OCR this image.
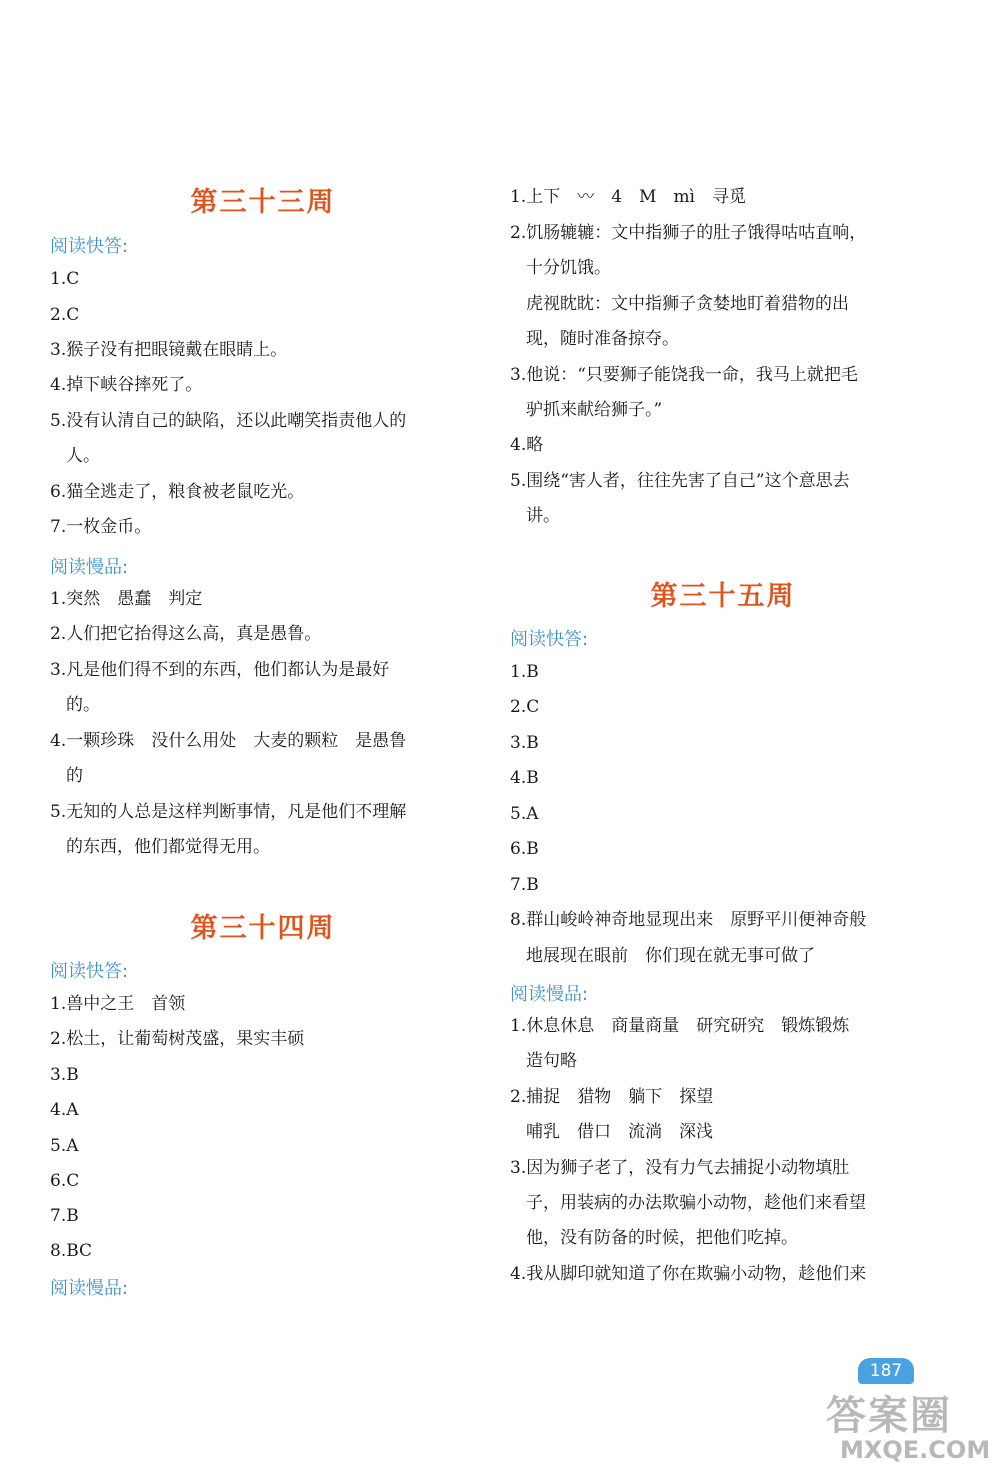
第三十三周
阅读快答:
1.C
2.C
3.猴子没有把眼镜戴在眼睛上。
4.掉下峡谷摔死了。
5.没有认清自己的缺陷，还以此嘲笑指责他人的
人。
6.猫全逃走了，粮食被老鼠吃光。
7.一枚金币。
阅读慢品:
1.突然　愚蠢　判定
2.人们把它抬得这么高，真是愚鲁。
3.凡是他们得不到的东西，他们都认为是最好
的。
4.一颗珍珠　没什么用处　大麦的颗粒　是愚鲁
的
5.无知的人总是这样判断事情，凡是他们不理解
的东西，他们都觉得无用。
第三十四周
阅读快答:
1.兽中之王　首领
2.松土，让葡萄树茂盛，果实丰硕
3.B
4.A
5.A
6.C
7.B
8.BC
阅读慢品:
1.上下　〰　4　M　mì　寻觅
2.饥肠辘辘：文中指狮子的肚子饿得咕咕直响，
十分饥饿。
虎视眈眈：文中指狮子贪婪地盯着猎物的出
现，随时准备掠夺。
3.他说：“只要狮子能饶我一命，我马上就把毛
驴抓来献给狮子。”
4.略
5.围绕“害人者，往往先害了自己”这个意思去
讲。
第三十五周
阅读快答:
1.B
2.C
3.B
4.B
5.A
6.B
7.B
8.群山峻岭神奇地显现出来　原野平川便神奇般
地展现在眼前　你们现在就无事可做了
阅读慢品:
1.休息休息　商量商量　研究研究　锻炼锻炼
造句略
2.捕捉　猎物　躺下　探望
哺乳　借口　流淌　深浅
3.因为狮子老了，没有力气去捕捉小动物填肚
子，用装病的办法欺骗小动物，趁他们来看望
他，没有防备的时候，把他们吃掉。
4.我从脚印就知道了你在欺骗小动物，趁他们来
187
答案圈
MXQE.COM
